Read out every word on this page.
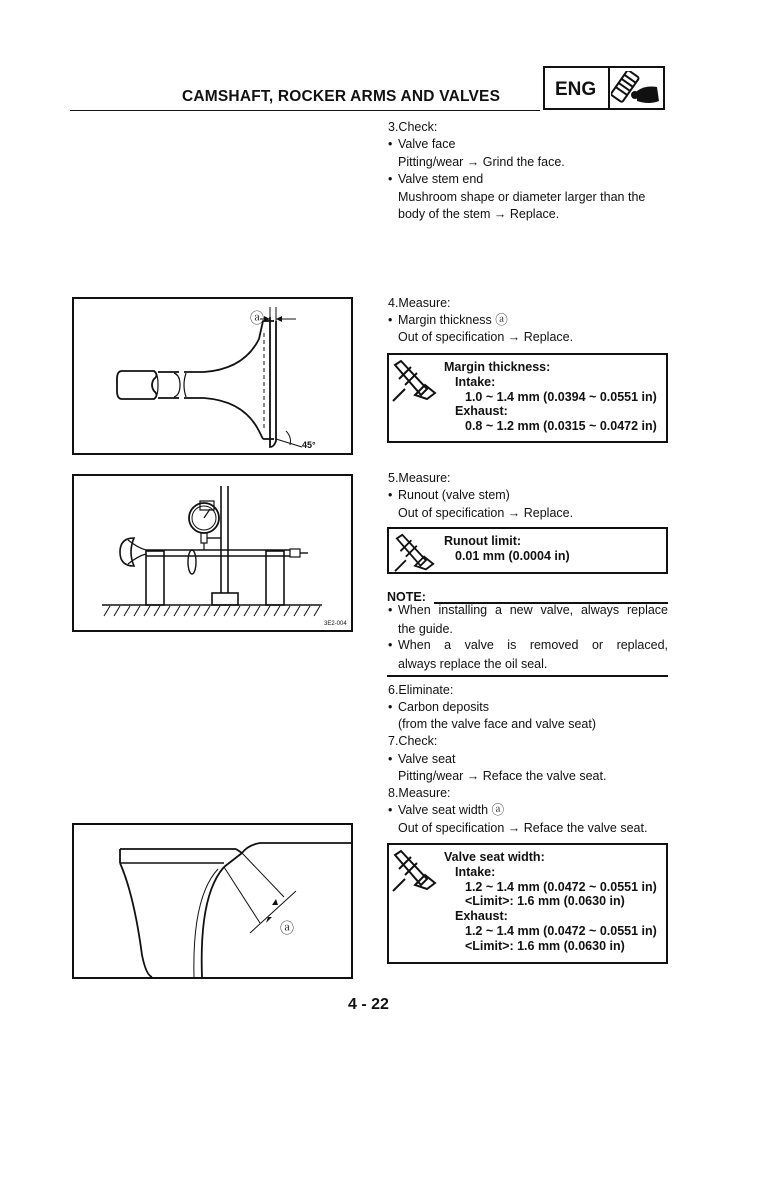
CAMSHAFT, ROCKER ARMS AND VALVES	ENG
3.Check:
• Valve face
Pitting/wear → Grind the face.
• Valve stem end
Mushroom shape or diameter larger than the
body of the stem → Replace.
4.Measure:
• Margin thickness ⓐ
Out of specification → Replace.
Margin thickness:
Intake:
1.0 ~ 1.4 mm (0.0394 ~ 0.0551 in)
Exhaust:
0.8 ~ 1.2 mm (0.0315 ~ 0.0472 in)
ⓐ
45°
5.Measure:
• Runout (valve stem)
Out of specification → Replace.
Runout limit:
0.01 mm (0.0004 in)
3E2-004
NOTE:
• When installing a new valve, always replace
the guide.
• When a valve is removed or replaced,
always replace the oil seal.
6.Eliminate:
• Carbon deposits
(from the valve face and valve seat)
7.Check:
• Valve seat
Pitting/wear → Reface the valve seat.
8.Measure:
• Valve seat width ⓐ
Out of specification → Reface the valve seat.
Valve seat width:
Intake:
1.2 ~ 1.4 mm (0.0472 ~ 0.0551 in)
<Limit>: 1.6 mm (0.0630 in)
Exhaust:
1.2 ~ 1.4 mm (0.0472 ~ 0.0551 in)
<Limit>: 1.6 mm (0.0630 in)
ⓐ
4 - 22
